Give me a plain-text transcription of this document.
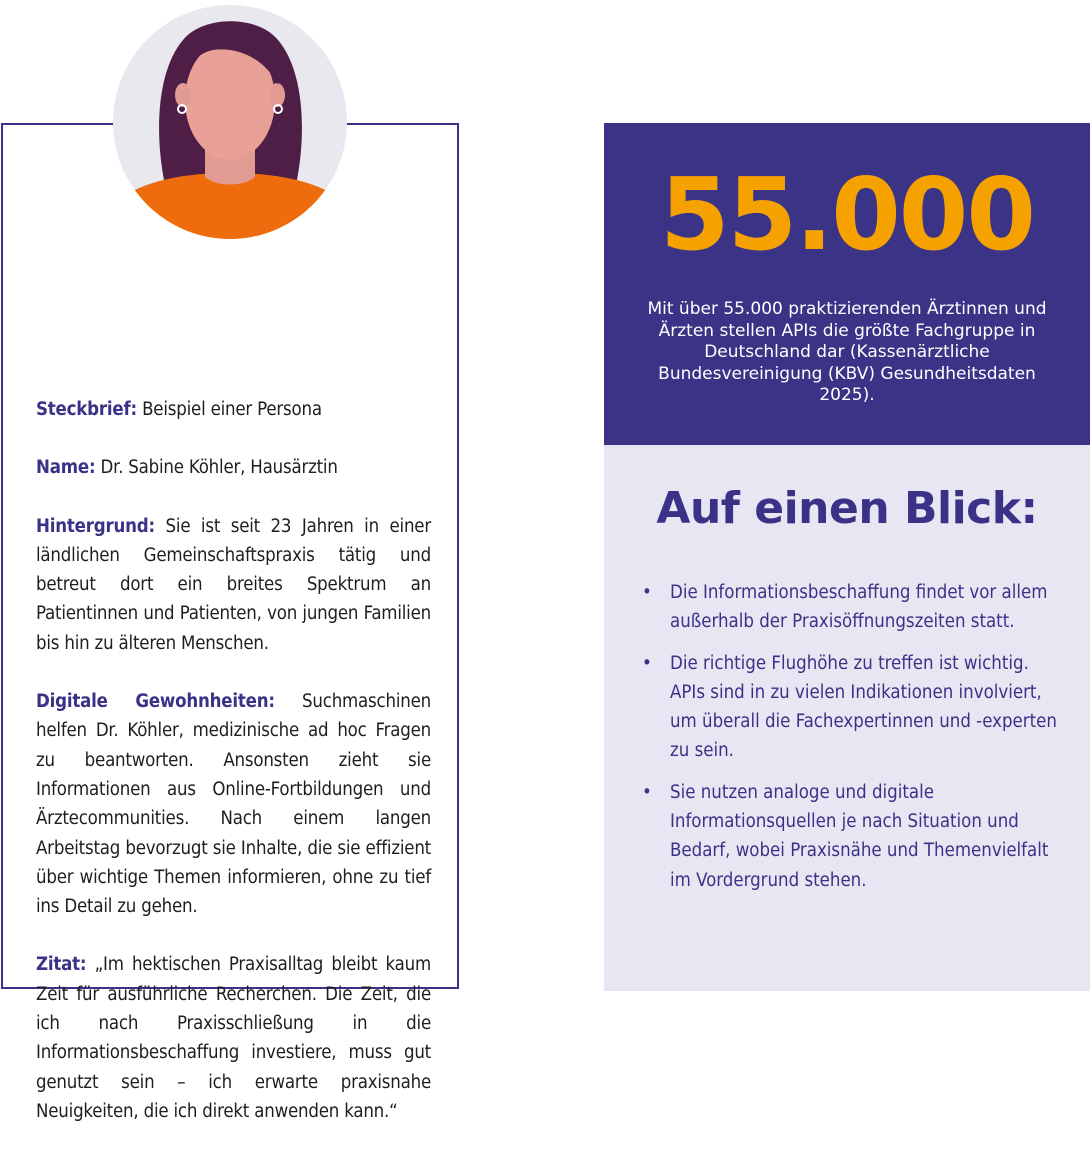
Steckbrief: Beispiel einer Persona

Name: Dr. Sabine Köhler, Hausärztin

Hintergrund: Sie ist seit 23 Jahren in einer ländlichen Gemeinschaftspraxis tätig und betreut dort ein breites Spektrum an Patientinnen und Patienten, von jungen Familien bis hin zu älteren Menschen.

Digitale Gewohnheiten: Suchmaschinen helfen Dr. Köhler, medizinische ad hoc Fragen zu beantworten. Ansonsten zieht sie Informationen aus Online-Fortbildungen und Ärztecommunities. Nach einem langen Arbeitstag bevorzugt sie Inhalte, die sie effizient über wichtige Themen informieren, ohne zu tief ins Detail zu gehen.

Zitat: „Im hektischen Praxisalltag bleibt kaum Zeit für ausführliche Recherchen. Die Zeit, die ich nach Praxisschließung in die Informationsbeschaffung investiere, muss gut genutzt sein – ich erwarte praxisnahe Neuigkeiten, die ich direkt anwenden kann.“

55.000
Mit über 55.000 praktizierenden Ärztinnen und Ärzten stellen APIs die größte Fachgruppe in Deutschland dar (Kassenärztliche Bundesvereinigung (KBV) Gesundheitsdaten 2025).
Auf einen Blick:
• Die Informationsbeschaffung findet vor allem außerhalb der Praxisöffnungszeiten statt.
• Die richtige Flughöhe zu treffen ist wichtig. APIs sind in zu vielen Indikationen involviert, um überall die Fachexpertinnen und -experten zu sein.
• Sie nutzen analoge und digitale Informationsquellen je nach Situation und Bedarf, wobei Praxisnähe und Themenvielfalt im Vordergrund stehen.
